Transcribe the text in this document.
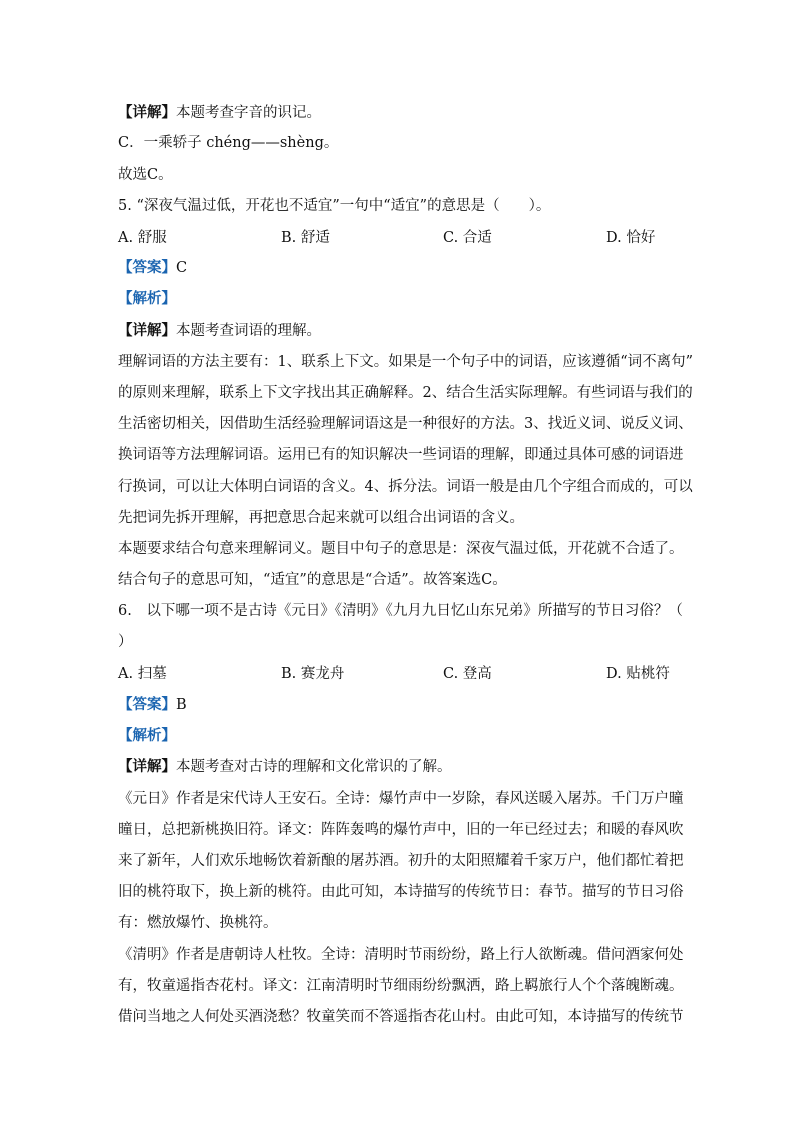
【详解】本题考查字音的识记。
C．一乘轿子 chéng——shèng。
故选C。
5. “深夜气温过低，开花也不适宜”一句中“适宜”的意思是（　　）。
A. 舒服	B. 舒适	C. 合适	D. 恰好
【答案】C
【解析】
【详解】本题考查词语的理解。
理解词语的方法主要有：1、联系上下文。如果是一个句子中的词语，应该遵循“词不离句”
的原则来理解，联系上下文字找出其正确解释。2、结合生活实际理解。有些词语与我们的
生活密切相关，因借助生活经验理解词语这是一种很好的方法。3、找近义词、说反义词、
换词语等方法理解词语。运用已有的知识解决一些词语的理解，即通过具体可感的词语进
行换词，可以让大体明白词语的含义。4、拆分法。词语一般是由几个字组合而成的，可以
先把词先拆开理解，再把意思合起来就可以组合出词语的含义。
本题要求结合句意来理解词义。题目中句子的意思是：深夜气温过低，开花就不合适了。
结合句子的意思可知，“适宜”的意思是“合适”。故答案选C。
6.　以下哪一项不是古诗《元日》《清明》《九月九日忆山东兄弟》所描写的节日习俗？（
）
A. 扫墓	B. 赛龙舟	C. 登高	D. 贴桃符
【答案】B
【解析】
【详解】本题考查对古诗的理解和文化常识的了解。
《元日》作者是宋代诗人王安石。全诗：爆竹声中一岁除，春风送暖入屠苏。千门万户曈
曈日，总把新桃换旧符。译文：阵阵轰鸣的爆竹声中，旧的一年已经过去；和暖的春风吹
来了新年，人们欢乐地畅饮着新酿的屠苏酒。初升的太阳照耀着千家万户，他们都忙着把
旧的桃符取下，换上新的桃符。由此可知，本诗描写的传统节日：春节。描写的节日习俗
有：燃放爆竹、换桃符。
《清明》作者是唐朝诗人杜牧。全诗：清明时节雨纷纷，路上行人欲断魂。借问酒家何处
有，牧童遥指杏花村。译文：江南清明时节细雨纷纷飘洒，路上羁旅行人个个落魄断魂。
借问当地之人何处买酒浇愁？牧童笑而不答遥指杏花山村。由此可知，本诗描写的传统节
